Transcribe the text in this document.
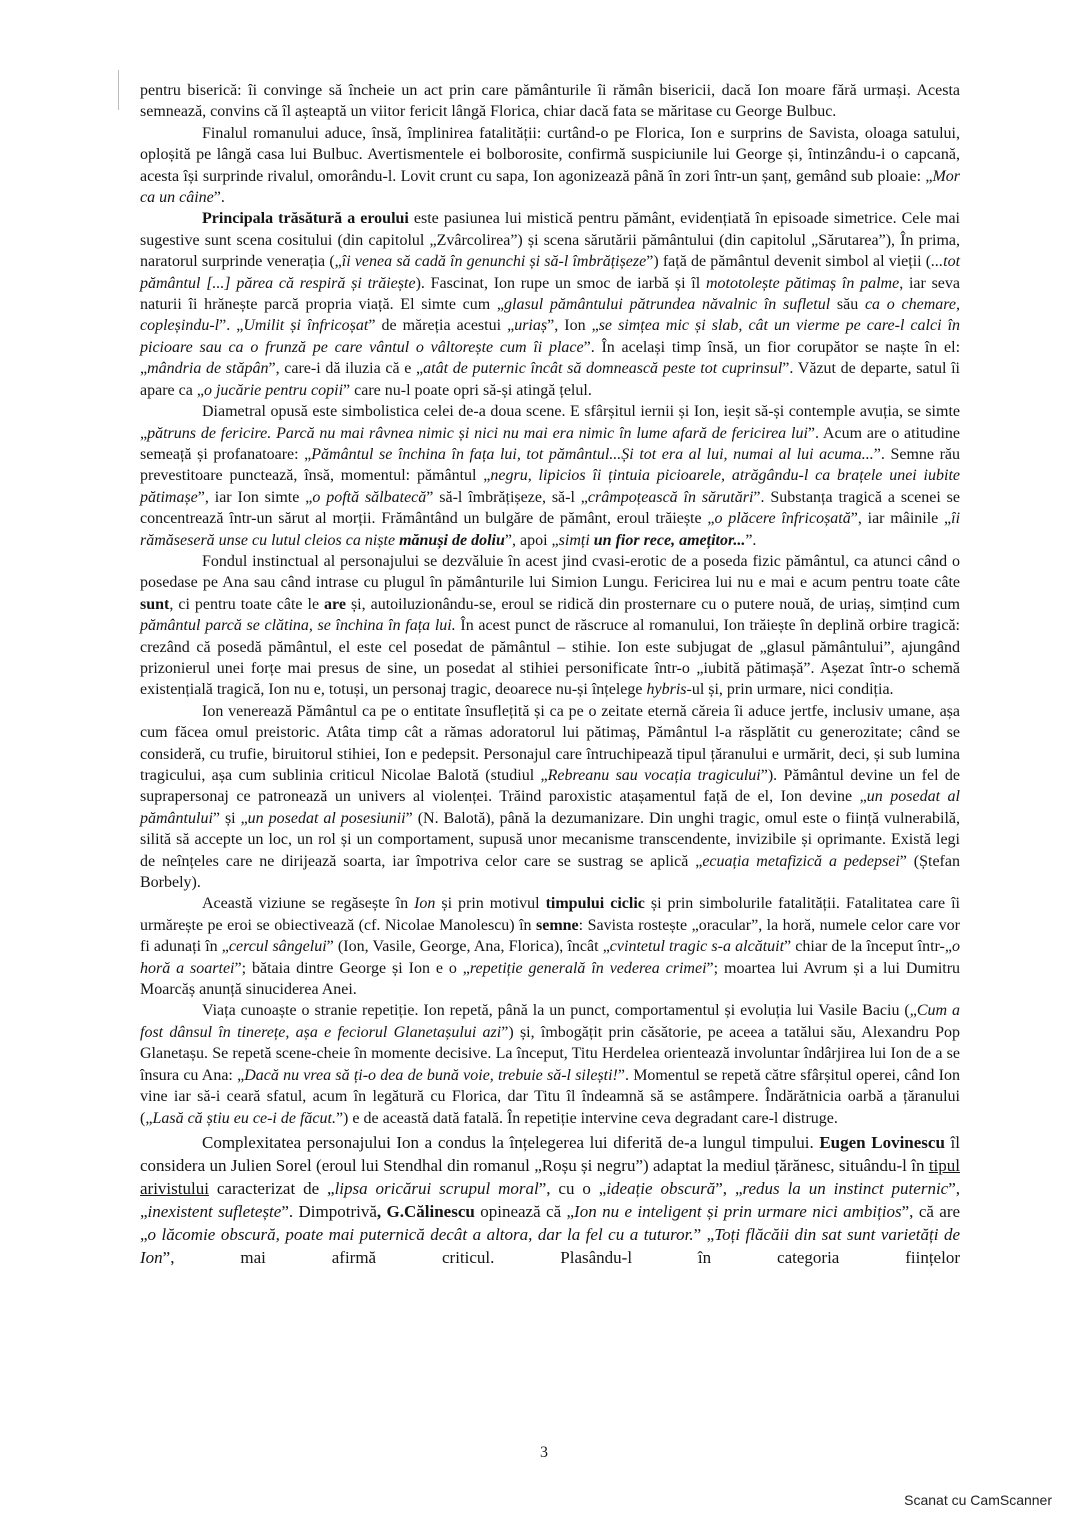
pentru biserică: îi convinge să încheie un act prin care pământurile îi rămân bisericii, dacă Ion moare fără urmași. Acesta semnează, convins că îl așteaptă un viitor fericit lângă Florica, chiar dacă fata se măritase cu George Bulbuc.

Finalul romanului aduce, însă, împlinirea fatalității: curtând-o pe Florica, Ion e surprins de Savista, oloaga satului, oploșită pe lângă casa lui Bulbuc. Avertismentele ei bolborosite, confirmă suspiciunile lui George și, întinzându-i o capcană, acesta își surprinde rivalul, omorându-l. Lovit crunt cu sapa, Ion agonizează până în zori într-un șanț, gemând sub ploaie: „Mor ca un câine”.

Principala trăsătură a eroului este pasiunea lui mistică pentru pământ, evidențiată în episoade simetrice. Cele mai sugestive sunt scena cositului (din capitolul „Zvârcolirea”) și scena sărutării pământului (din capitolul „Sărutarea”), În prima, naratorul surprinde venerația („îi venea să cadă în genunchi și să-l îmbrățișeze”) față de pământul devenit simbol al vieții (...tot pământul [...] părea că respiră și trăiește). Fascinat, Ion rupe un smoc de iarbă și îl mototolește pătimaș în palme, iar seva naturii îi hrănește parcă propria viață. El simte cum „glasul pământului pătrundea năvalnic în sufletul său ca o chemare, copleșindu-l”. „Umilit și înfricoșat” de măreția acestui „uriaș”, Ion „se simțea mic și slab, cât un vierme pe care-l calci în picioare sau ca o frunză pe care vântul o vâltorește cum îi place”. În același timp însă, un fior corupător se naște în el: „mândria de stăpân”, care-i dă iluzia că e „atât de puternic încât să domnească peste tot cuprinsul”. Văzut de departe, satul îi apare ca „o jucărie pentru copii” care nu-l poate opri să-și atingă țelul.

Diametral opusă este simbolistica celei de-a doua scene. E sfârșitul iernii și Ion, ieșit să-și contemple avuția, se simte „pătruns de fericire. Parcă nu mai râvnea nimic și nici nu mai era nimic în lume afară de fericirea lui”. Acum are o atitudine semeață și profanatoare: „Pământul se închina în fața lui, tot pământul...Și tot era al lui, numai al lui acuma...”. Semne rău prevestitoare punctează, însă, momentul: pământul „negru, lipicios îi țintuia picioarele, atrăgându-l ca brațele unei iubite pătimașe”, iar Ion simte „o poftă sălbatecă” să-l îmbrățișeze, să-l „crâmpoțească în sărutări”. Substanța tragică a scenei se concentrează într-un sărut al morții. Frământând un bulgăre de pământ, eroul trăiește „o plăcere înfricoșată”, iar mâinile „îi rămăseseră unse cu lutul cleios ca niște mănuși de doliu”, apoi „simți un fior rece, amețitor...”.

Fondul instinctual al personajului se dezvăluie în acest jind cvasi-erotic de a poseda fizic pământul, ca atunci când o posedase pe Ana sau când intrase cu plugul în pământurile lui Simion Lungu. Fericirea lui nu e mai e acum pentru toate câte sunt, ci pentru toate câte le are și, autoiluzionându-se, eroul se ridică din prosternare cu o putere nouă, de uriaș, simțind cum pământul parcă se clătina, se închina în fața lui. În acest punct de răscruce al romanului, Ion trăiește în deplină orbire tragică: crezând că posedă pământul, el este cel posedat de pământul – stihie. Ion este subjugat de „glasul pământului”, ajungând prizonierul unei forțe mai presus de sine, un posedat al stihiei personificate într-o „iubită pătimașă”. Așezat într-o schemă existențială tragică, Ion nu e, totuși, un personaj tragic, deoarece nu-și înțelege hybris-ul și, prin urmare, nici condiția.

Ion venerează Pământul ca pe o entitate însuflețită și ca pe o zeitate eternă căreia îi aduce jertfe, inclusiv umane, așa cum făcea omul preistoric. Atâta timp cât a rămas adoratorul lui pătimaș, Pământul l-a răsplătit cu generozitate; când se consideră, cu trufie, biruitorul stihiei, Ion e pedepsit. Personajul care întruchipează tipul țăranului e urmărit, deci, și sub lumina tragicului, așa cum sublinia criticul Nicolae Balotă (studiul „Rebreanu sau vocația tragicului”). Pământul devine un fel de suprapersonaj ce patronează un univers al violenței. Trăind paroxistic atașamentul față de el, Ion devine „un posedat al pământului” și „un posedat al posesiunii” (N. Balotă), până la dezumanizare. Din unghi tragic, omul este o ființă vulnerabilă, silită să accepte un loc, un rol și un comportament, supusă unor mecanisme transcendente, invizibile și oprimante. Există legi de neînțeles care ne dirijează soarta, iar împotriva celor care se sustrag se aplică „ecuația metafizică a pedepsei” (Ștefan Borbely).

Această viziune se regăsește în Ion și prin motivul timpului ciclic și prin simbolurile fatalității. Fatalitatea care îi urmărește pe eroi se obiectivează (cf. Nicolae Manolescu) în semne: Savista rostește „oracular”, la horă, numele celor care vor fi adunați în „cercul sângelui” (Ion, Vasile, George, Ana, Florica), încât „cvintetul tragic s-a alcătuit” chiar de la început într-„o horă a soartei”; bătaia dintre George și Ion e o „repetiție generală în vederea crimei”; moartea lui Avrum și a lui Dumitru Moarcăș anunță sinuciderea Anei.

Viața cunoaște o stranie repetiție. Ion repetă, până la un punct, comportamentul și evoluția lui Vasile Baciu („Cum a fost dânsul în tinerețe, așa e feciorul Glanetașului azi”) și, îmbogățit prin căsătorie, pe aceea a tatălui său, Alexandru Pop Glanetașu. Se repetă scene-cheie în momente decisive. La început, Titu Herdelea orientează involuntar îndârjirea lui Ion de a se însura cu Ana: „Dacă nu vrea să ți-o dea de bună voie, trebuie să-l silești!”. Momentul se repetă către sfârșitul operei, când Ion vine iar să-i ceară sfatul, acum în legătură cu Florica, dar Titu îl îndeamnă să se astâmpere. Îndărătnicia oarbă a țăranului („Lasă că știu eu ce-i de făcut.”) e de această dată fatală. În repetiție intervine ceva degradant care-l distruge.

Complexitatea personajului Ion a condus la înțelegerea lui diferită de-a lungul timpului. Eugen Lovinescu îl considera un Julien Sorel (eroul lui Stendhal din romanul „Roșu și negru”) adaptat la mediul țărănesc, situându-l în tipul arivistului caracterizat de „lipsa oricărui scrupul moral”, cu o „ideație obscură”, „redus la un instinct puternic”, „inexistent sufletește”. Dimpotrivă, G.Călinescu opinează că „Ion nu e inteligent și prin urmare nici ambițios”, că are „o lăcomie obscură, poate mai puternică decât a altora, dar la fel cu a tuturor.” „Toți flăcăii din sat sunt varietăți de Ion”, mai afirmă criticul. Plasându-l în categoria ființelor

3
Scanat cu CamScanner
